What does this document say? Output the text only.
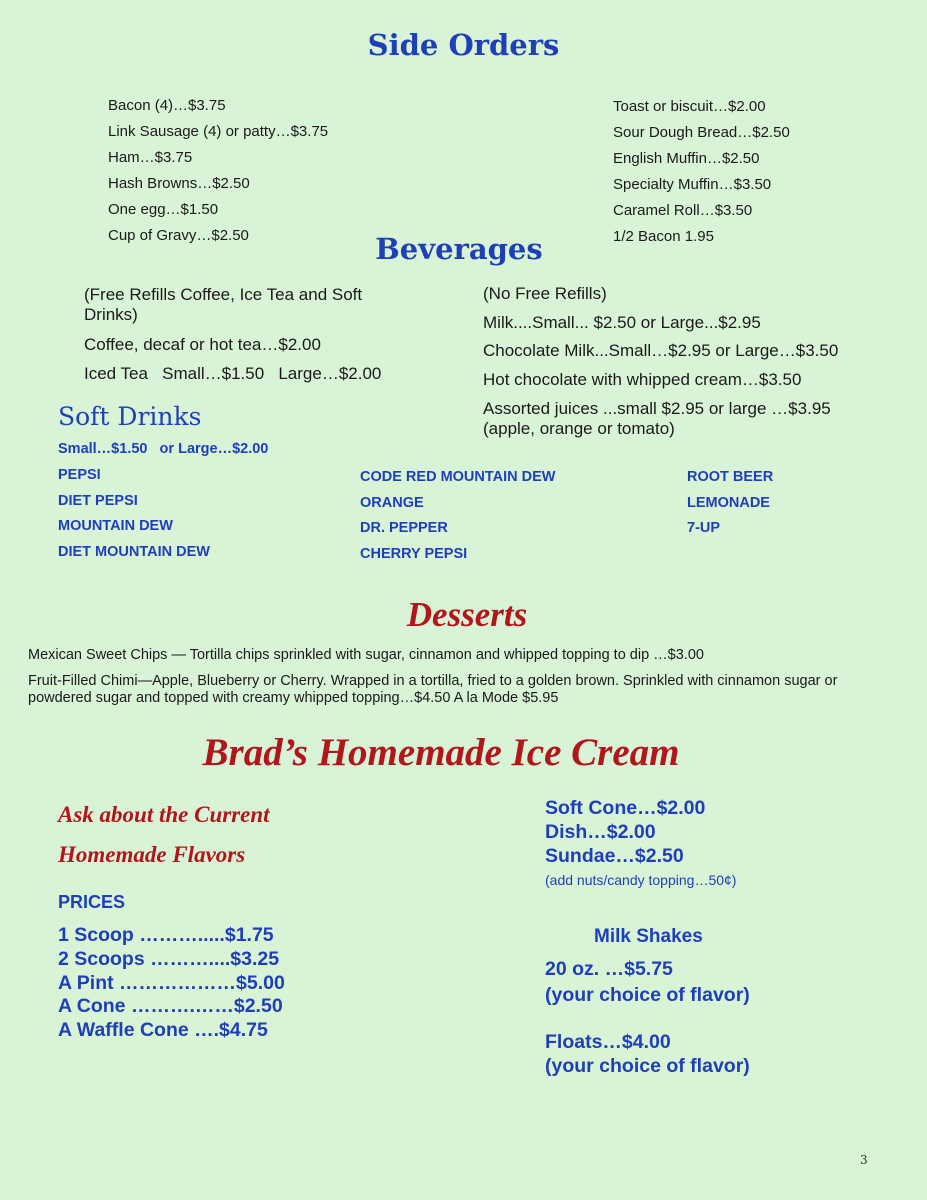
Side Orders
Bacon (4)…$3.75
Link Sausage (4) or patty…$3.75
Ham…$3.75
Hash Browns…$2.50
One egg…$1.50
Cup of Gravy…$2.50
Toast or biscuit…$2.00
Sour Dough Bread…$2.50
English Muffin…$2.50
Specialty Muffin…$3.50
Caramel Roll…$3.50
1/2 Bacon 1.95
Beverages
(Free Refills Coffee, Ice Tea and Soft Drinks)
Coffee, decaf or hot tea…$2.00
Iced Tea   Small…$1.50   Large…$2.00
(No Free Refills)
Milk....Small... $2.50 or Large...$2.95
Chocolate Milk...Small…$2.95 or Large…$3.50
Hot chocolate with whipped cream…$3.50
Assorted juices ...small $2.95 or large …$3.95 (apple, orange or tomato)
Soft Drinks
Small…$1.50   or Large…$2.00
PEPSI
DIET PEPSI
MOUNTAIN DEW
DIET MOUNTAIN DEW
CODE RED MOUNTAIN DEW
ORANGE
DR. PEPPER
CHERRY PEPSI
ROOT BEER
LEMONADE
7-UP
Desserts
Mexican Sweet Chips — Tortilla chips sprinkled with sugar, cinnamon and whipped topping to dip …$3.00
Fruit-Filled Chimi—Apple, Blueberry or Cherry. Wrapped in a tortilla, fried to a golden brown. Sprinkled with cinnamon sugar or powdered sugar and topped with creamy whipped topping…$4.50 A la Mode $5.95
Brad’s Homemade Ice Cream
Ask about the Current
Homemade Flavors
PRICES
1 Scoop ……….....$1.75
2 Scoops ………....$3.25
A Pint ………………$5.00
A Cone ……….……$2.50
A Waffle Cone ….$4.75
Soft Cone…$2.00
Dish…$2.00
Sundae…$2.50
(add nuts/candy topping…50¢)
Milk Shakes
20 oz. …$5.75
(your choice of flavor)
Floats…$4.00
(your choice of flavor)
3
